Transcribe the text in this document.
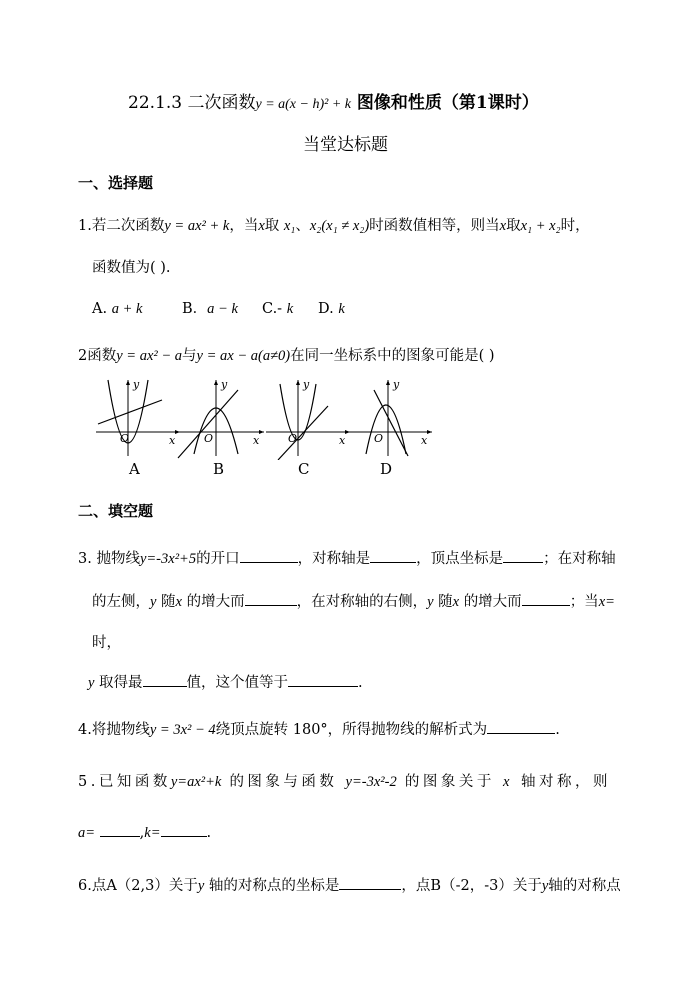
22.1.3 二次函数y = a(x − h)² + k 图像和性质（第1课时）
当堂达标题
一、选择题
1.若二次函数y = ax² + k，当x取 x₁、x₂(x₁ ≠ x₂)时函数值相等，则当x取x₁ + x₂时，
函数值为( ).
A. a + k	B．a − k C.- k D. k
2函数y = ax² − a与y = ax − a(a≠0)在同一坐标系中的图象可能是( )
y
x
O
A
y
x
O
B
y
x
O
C
y
x
O
D
二、填空题
3. 抛物线y=-3x²+5的开口	，对称轴是	，顶点坐标是	；在对称轴
的左侧，y 随x 的增大而	，在对称轴的右侧，y 随x 的增大而	；当x=
时，
y 取得最	值，这个值等于	.
4.将抛物线y = 3x² − 4绕顶点旋转 180°，所得抛物线的解析式为	.
5.已知函数y=ax²+k 的图象与函数 y=-3x²-2 的图象关于 x 轴对称，则
a=	,k=	.
6.点A（2,3）关于y 轴的对称点的坐标是	，点B（-2，-3）关于y轴的对称点
